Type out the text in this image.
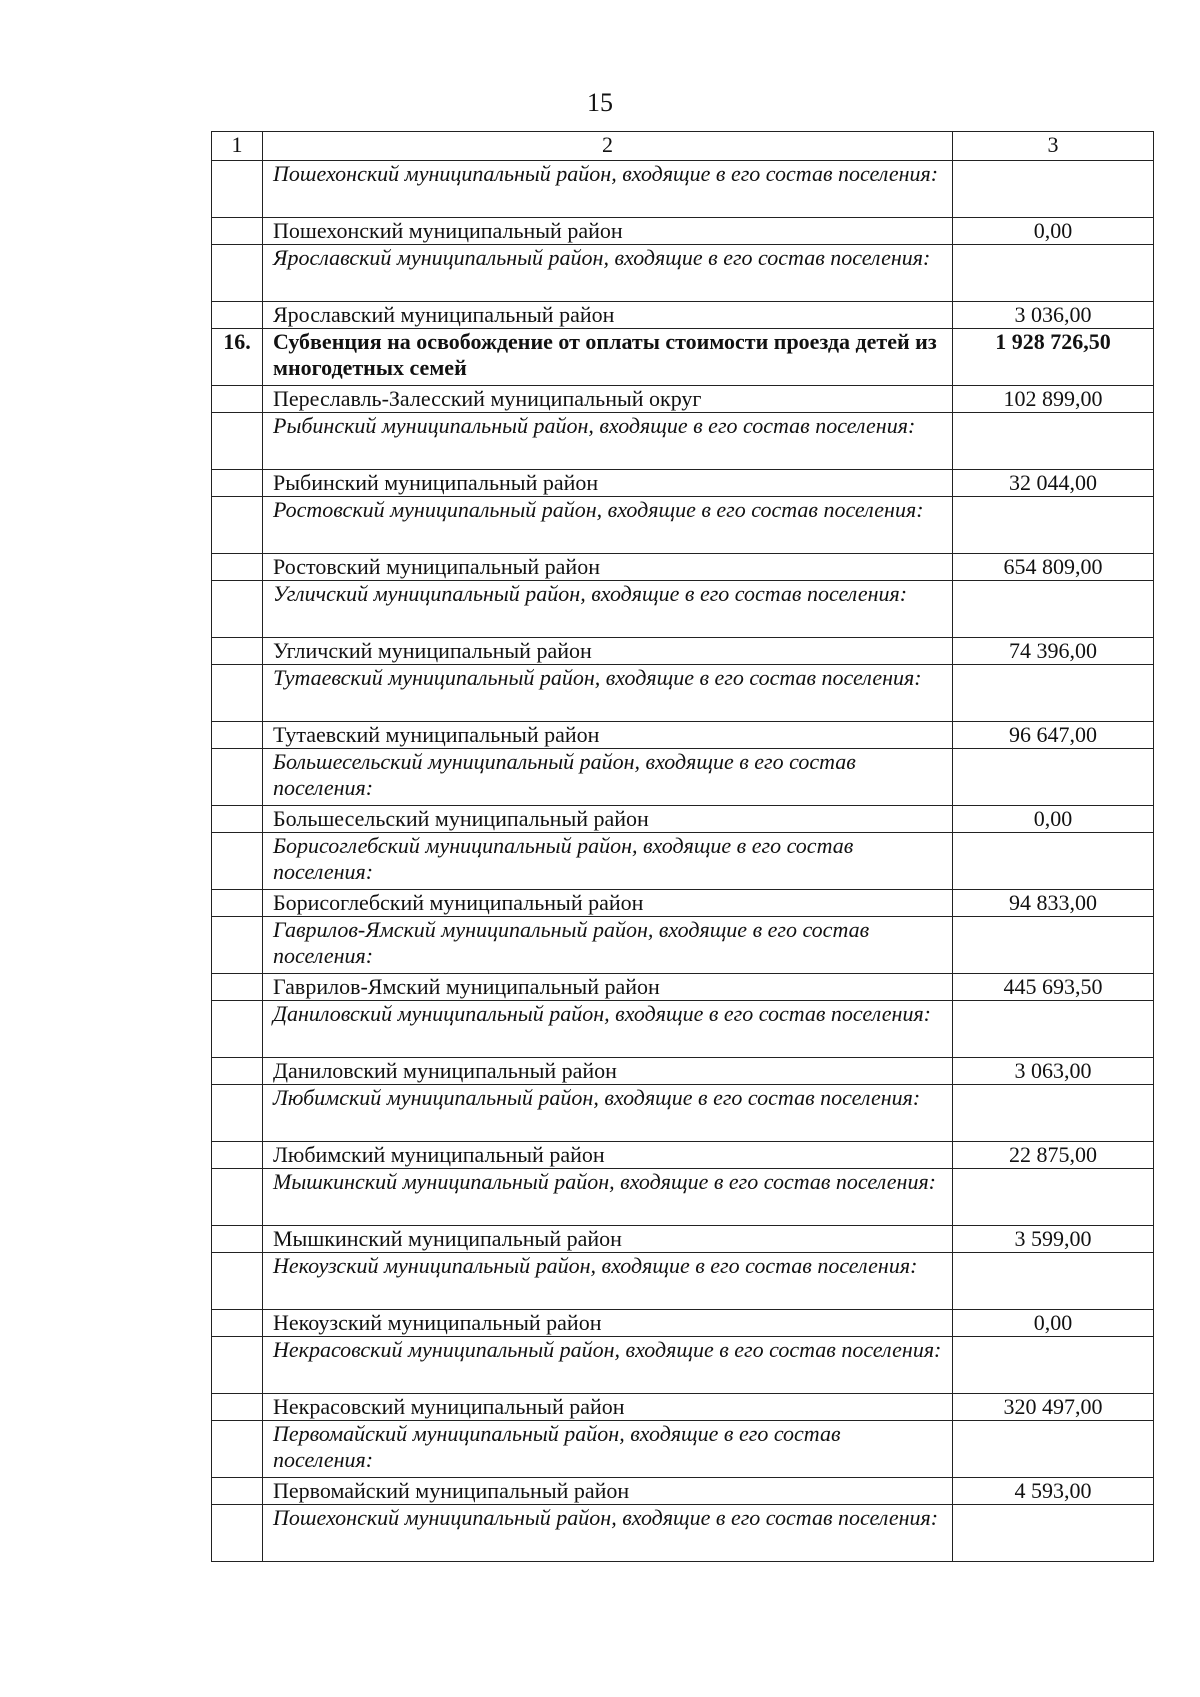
15
1	2	3
	Пошехонский муниципальный район, входящие в его состав поселения:	
	Пошехонский муниципальный район	0,00
	Ярославский муниципальный район, входящие в его состав поселения:	
	Ярославский муниципальный район	3 036,00
16.	Субвенция на освобождение от оплаты стоимости проезда детей из многодетных семей	1 928 726,50
	Переславль-Залесский муниципальный округ	102 899,00
	Рыбинский муниципальный район, входящие в его состав поселения:	
	Рыбинский муниципальный район	32 044,00
	Ростовский муниципальный район, входящие в его состав поселения:	
	Ростовский муниципальный район	654 809,00
	Угличский муниципальный район, входящие в его состав поселения:	
	Угличский муниципальный район	74 396,00
	Тутаевский муниципальный район, входящие в его состав поселения:	
	Тутаевский муниципальный район	96 647,00
	Большесельский муниципальный район, входящие в его состав поселения:	
	Большесельский муниципальный район	0,00
	Борисоглебский муниципальный район, входящие в его состав поселения:	
	Борисоглебский муниципальный район	94 833,00
	Гаврилов-Ямский муниципальный район, входящие в его состав поселения:	
	Гаврилов-Ямский муниципальный район	445 693,50
	Даниловский муниципальный район, входящие в его состав поселения:	
	Даниловский муниципальный район	3 063,00
	Любимский муниципальный район, входящие в его состав поселения:	
	Любимский муниципальный район	22 875,00
	Мышкинский муниципальный район, входящие в его состав поселения:	
	Мышкинский муниципальный район	3 599,00
	Некоузский муниципальный район, входящие в его состав поселения:	
	Некоузский муниципальный район	0,00
	Некрасовский муниципальный район, входящие в его состав поселения:	
	Некрасовский муниципальный район	320 497,00
	Первомайский муниципальный район, входящие в его состав поселения:	
	Первомайский муниципальный район	4 593,00
	Пошехонский муниципальный район, входящие в его состав поселения:	
